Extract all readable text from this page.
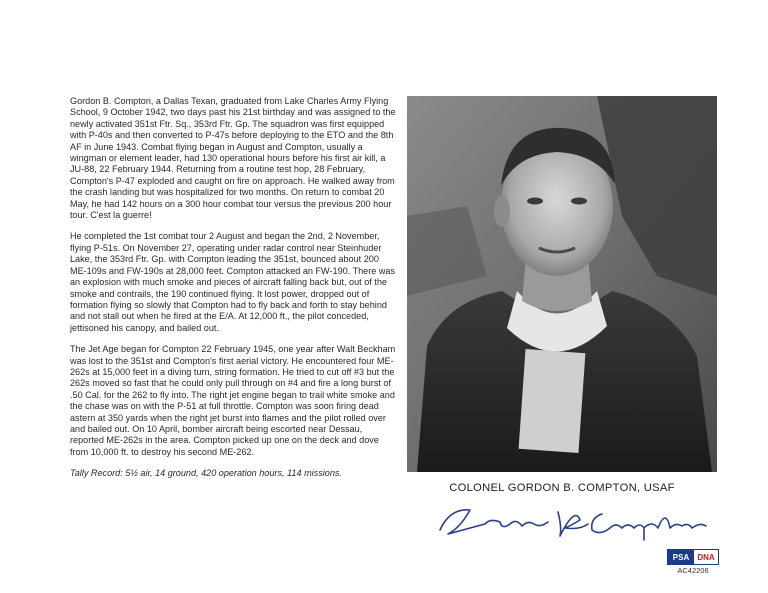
Gordon B. Compton, a Dallas Texan, graduated from Lake Charles Army Flying School, 9 October 1942, two days past his 21st birthday and was assigned to the newly activated 351st Ftr. Sq., 353rd Ftr. Gp. The squadron was first equipped with P-40s and then converted to P-47s before deploying to the ETO and the 8th AF in June 1943. Combat flying began in August and Compton, usually a wingman or element leader, had 130 operational hours before his first air kill, a JU-88, 22 February 1944. Returning from a routine test hop, 28 February, Compton's P-47 exploded and caught on fire on approach. He walked away from the crash landing but was hospitalized for two months. On return to combat 20 May, he had 142 hours on a 300 hour combat tour versus the previous 200 hour tour. C'est la guerre!

He completed the 1st combat tour 2 August and began the 2nd, 2 November, flying P-51s. On November 27, operating under radar control near Steinhuder Lake, the 353rd Ftr. Gp. with Compton leading the 351st, bounced about 200 ME-109s and FW-190s at 28,000 feet. Compton attacked an FW-190. There was an explosion with much smoke and pieces of aircraft falling back but, out of the smoke and contrails, the 190 continued flying. It lost power, dropped out of formation flying so slowly that Compton had to fly back and forth to stay behind and not stall out when he fired at the E/A. At 12,000 ft., the pilot conceded, jettisoned his canopy, and bailed out.

The Jet Age began for Compton 22 February 1945, one year after Walt Beckham was lost to the 351st and Compton's first aerial victory. He encountered four ME-262s at 15,000 feet in a diving turn, string formation. He tried to cut off #3 but the 262s moved so fast that he could only pull through on #4 and fire a long burst of .50 Cal. for the 262 to fly into. The right jet engine began to trail white smoke and the chase was on with the P-51 at full throttle. Compton was soon firing dead astern at 350 yards when the right jet burst into flames and the pilot rolled over and bailed out. On 10 April, bomber aircraft being escorted near Dessau, reported ME-262s in the area. Compton picked up one on the deck and dove from 10,000 ft. to destroy his second ME-262.

Tally Record: 5½ air, 14 ground, 420 operation hours, 114 missions.

COLONEL GORDON B. COMPTON, USAF
PSA	DNA
AC42206
